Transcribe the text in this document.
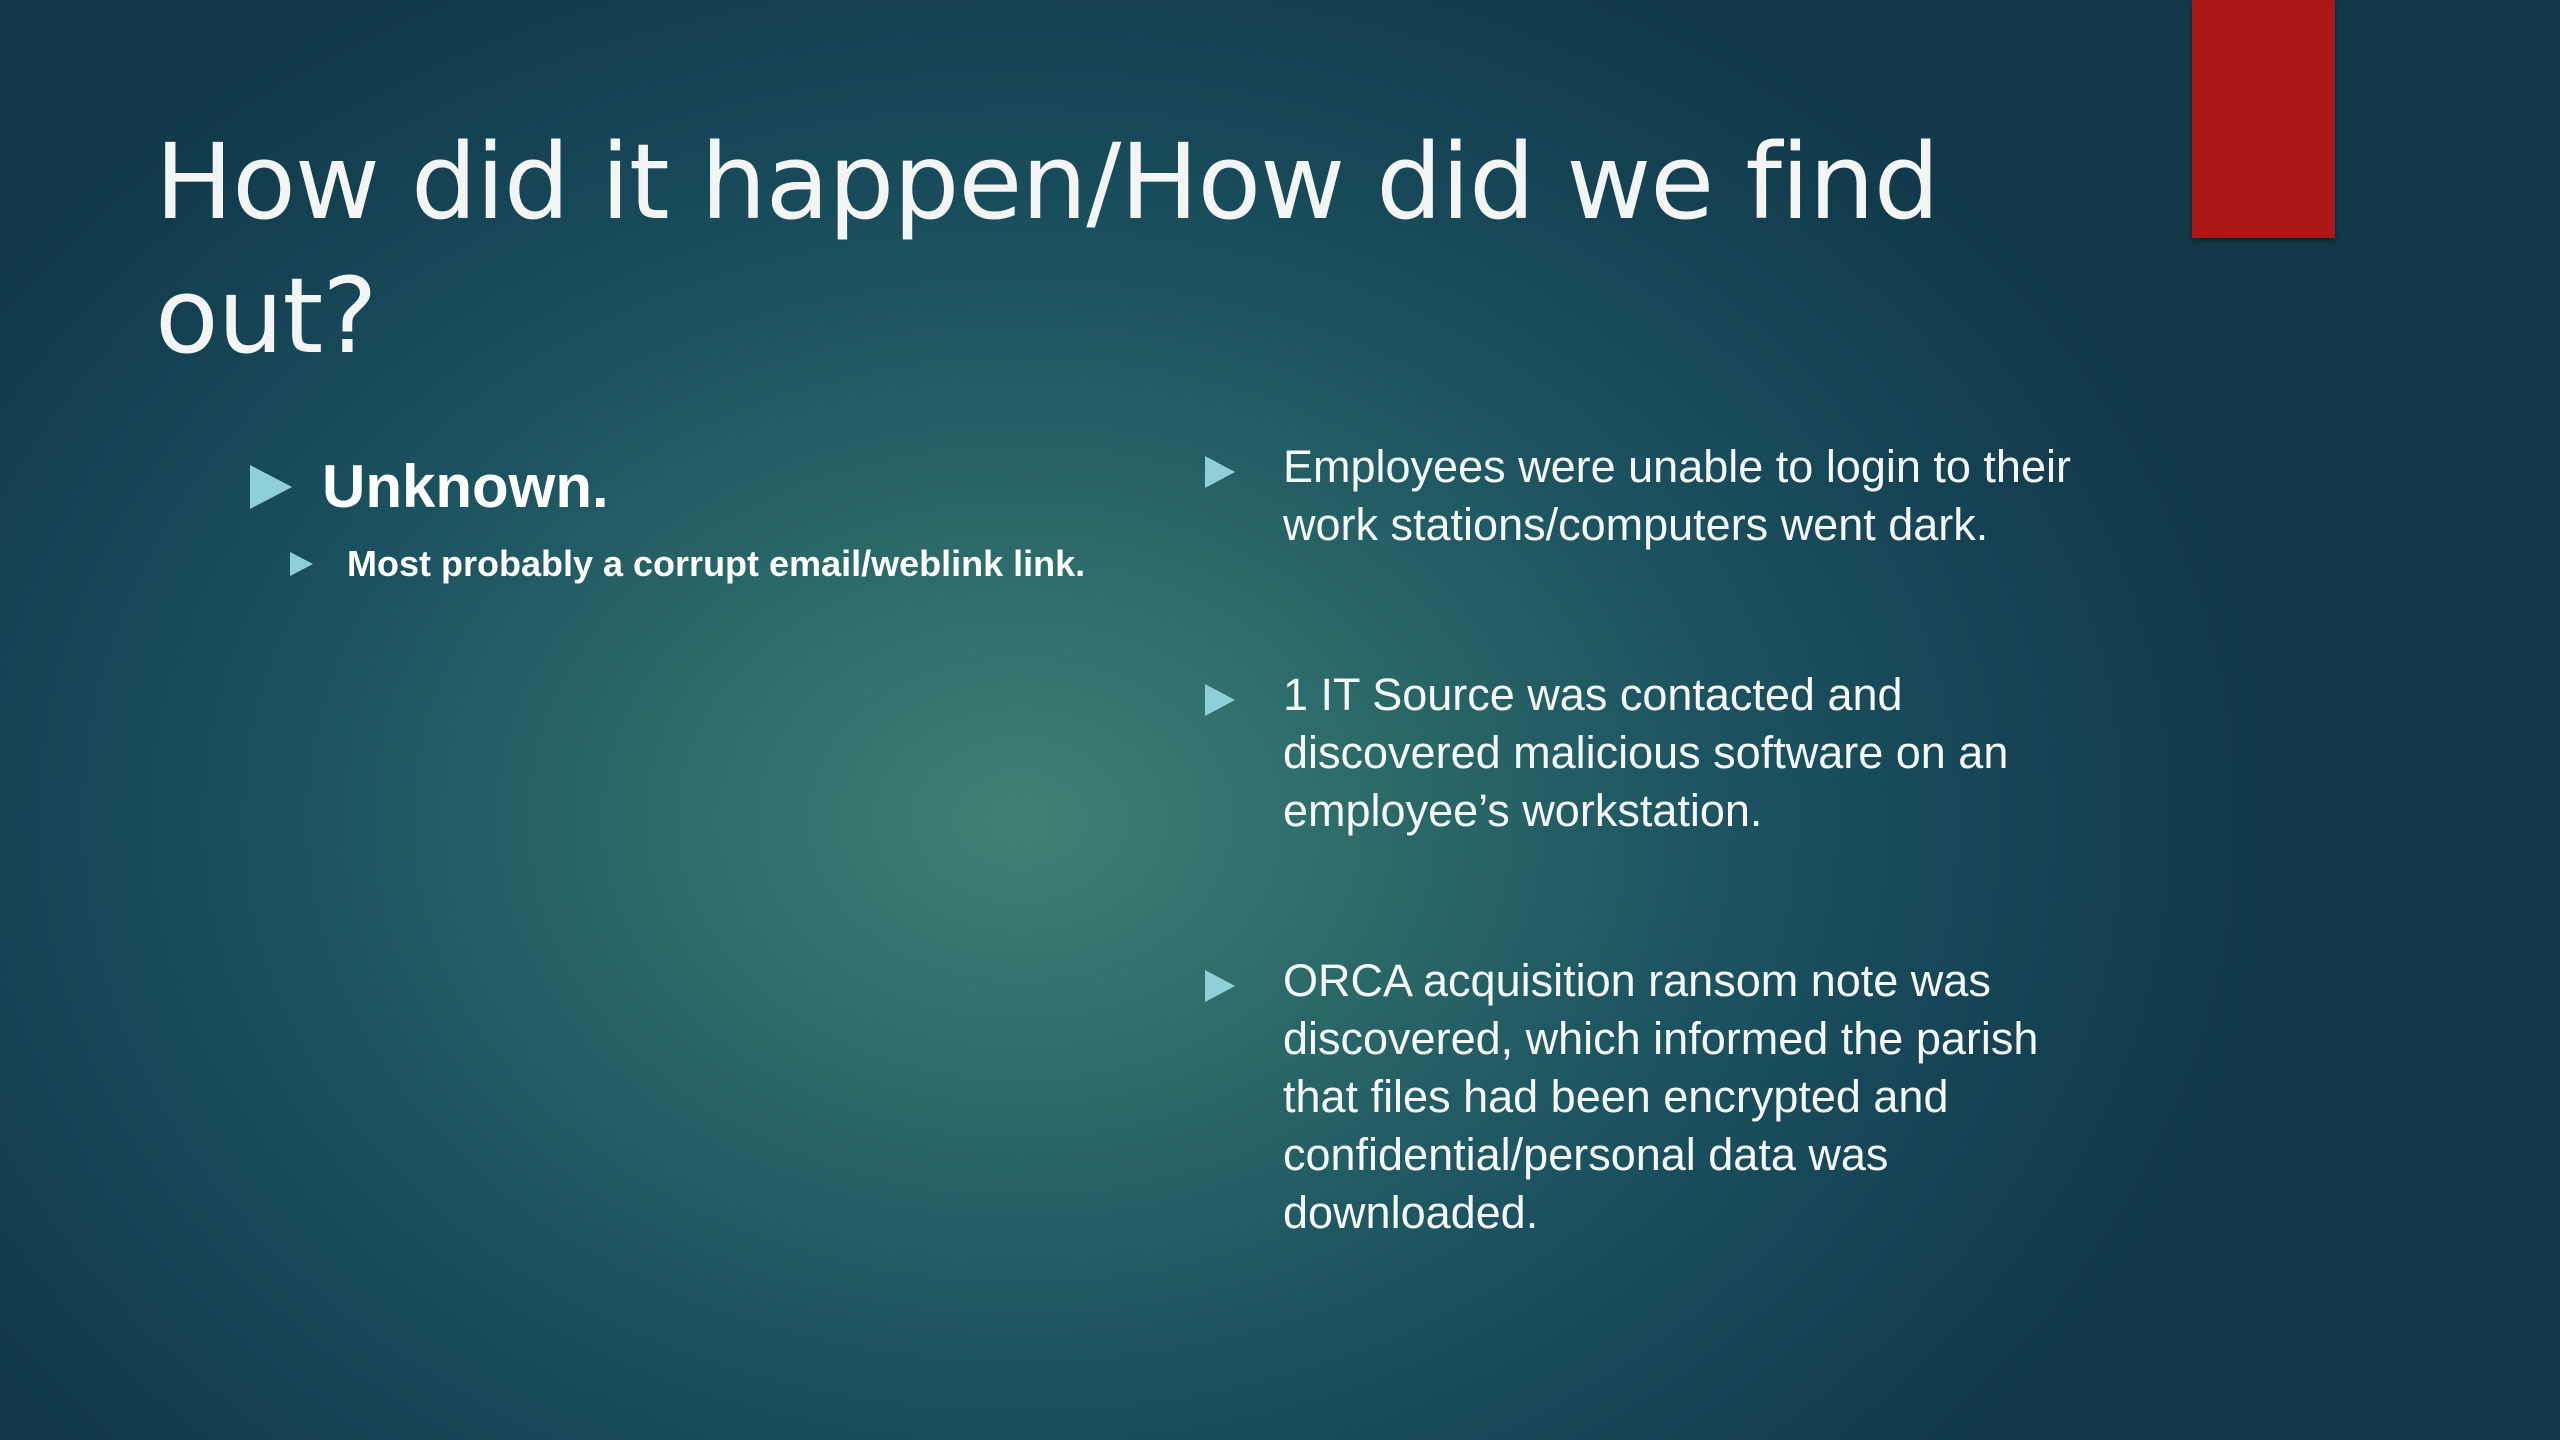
How did it happen/How did we find out?
Unknown.
Most probably a corrupt email/weblink link.
Employees were unable to login to their work stations/computers went dark.
1 IT Source was contacted and discovered malicious software on an employee’s workstation.
ORCA acquisition ransom note was discovered, which informed the parish that files had been encrypted and confidential/personal data was downloaded.
